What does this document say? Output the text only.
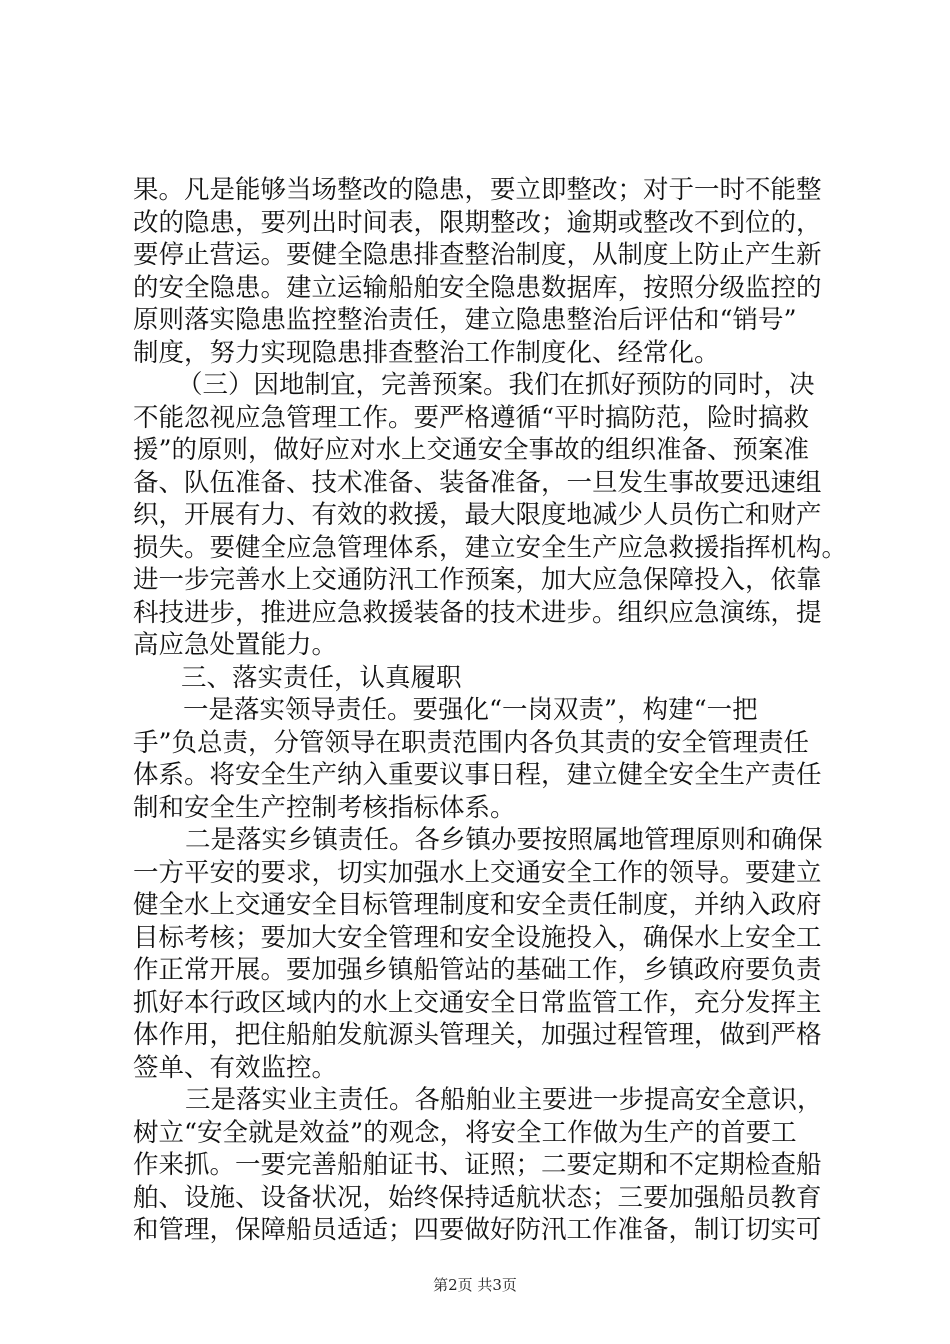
果。凡是能够当场整改的隐患，要立即整改；对于一时不能整
改的隐患，要列出时间表，限期整改；逾期或整改不到位的，
要停止营运。要健全隐患排查整治制度，从制度上防止产生新
的安全隐患。建立运输船舶安全隐患数据库，按照分级监控的
原则落实隐患监控整治责任，建立隐患整治后评估和“销号”
制度，努力实现隐患排查整治工作制度化、经常化。
（三）因地制宜，完善预案。我们在抓好预防的同时，决
不能忽视应急管理工作。要严格遵循“平时搞防范，险时搞救
援”的原则，做好应对水上交通安全事故的组织准备、预案准
备、队伍准备、技术准备、装备准备，一旦发生事故要迅速组
织，开展有力、有效的救援，最大限度地减少人员伤亡和财产
损失。要健全应急管理体系，建立安全生产应急救援指挥机构。
进一步完善水上交通防汛工作预案，加大应急保障投入，依靠
科技进步，推进应急救援装备的技术进步。组织应急演练，提
高应急处置能力。
三、落实责任，认真履职
一是落实领导责任。要强化“一岗双责”，构建“一把
手”负总责，分管领导在职责范围内各负其责的安全管理责任
体系。将安全生产纳入重要议事日程，建立健全安全生产责任
制和安全生产控制考核指标体系。
二是落实乡镇责任。各乡镇办要按照属地管理原则和确保
一方平安的要求，切实加强水上交通安全工作的领导。要建立
健全水上交通安全目标管理制度和安全责任制度，并纳入政府
目标考核；要加大安全管理和安全设施投入，确保水上安全工
作正常开展。要加强乡镇船管站的基础工作，乡镇政府要负责
抓好本行政区域内的水上交通安全日常监管工作，充分发挥主
体作用，把住船舶发航源头管理关，加强过程管理，做到严格
签单、有效监控。
三是落实业主责任。各船舶业主要进一步提高安全意识，
树立“安全就是效益”的观念，将安全工作做为生产的首要工
作来抓。一要完善船舶证书、证照；二要定期和不定期检查船
舶、设施、设备状况，始终保持适航状态；三要加强船员教育
和管理，保障船员适适；四要做好防汛工作准备，制订切实可
第2页 共3页
